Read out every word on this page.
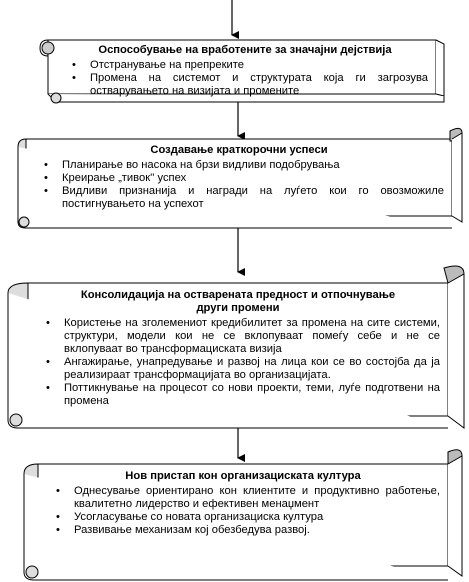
Оспособување на вработените за значајни дејствија
• Отстранување на препреките
• Промена на системот и структурата која ги загрозува остварувањето на визијата и промените
Создавање краткорочни успеси
• Планирање во насока на брзи видливи подобрувања
• Креирање „тивок'' успех
• Видливи признанија и награди на луѓето кои го овозможиле постигнувањето на успехот
Консолидација на остварената предност и отпочнување други промени
• Користење на зголемениот кредибилитет за промена на сите системи, структури, модели кои не се вклопуваат помеѓу себе и не се вклопуваат во трансформациската визија
• Ангажирање, унапредување и развој на лица кои се во состојба да ја реализираат трансформацијата во организацијата.
• Поттикнување на процесот со нови проекти, теми, луѓе подготвени на промена
Нов пристап кон организациската култура
• Однесување ориентирано кон клиентите и продуктивно работење, квалитетно лидерство и ефективен менаџмент
• Усогласување со новата организациска култура
• Развивање механизам кој обезбедува развој.
